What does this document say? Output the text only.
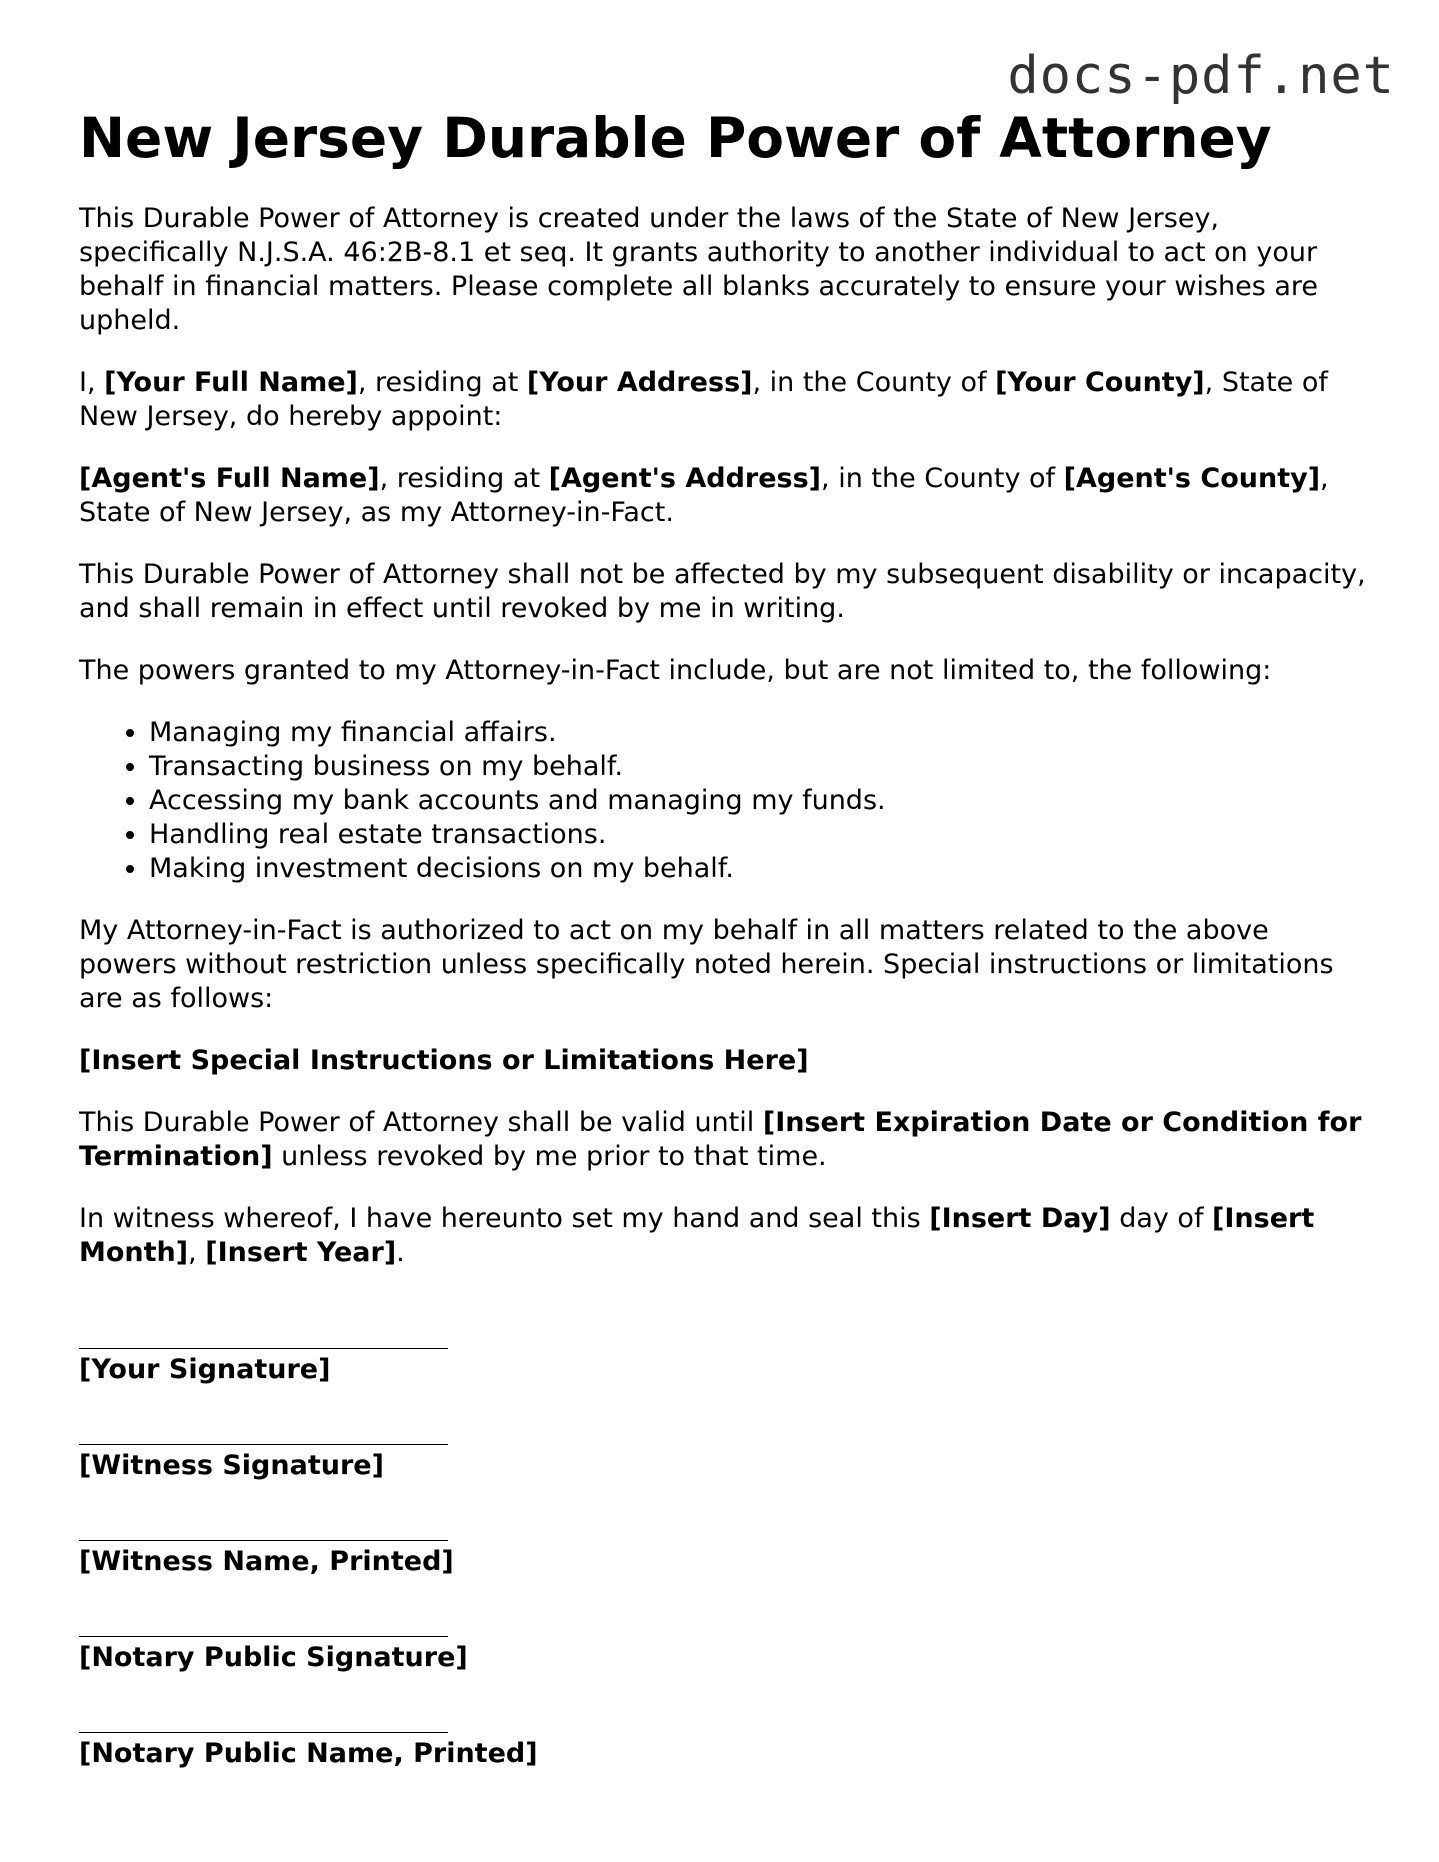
docs-pdf.net
New Jersey Durable Power of Attorney

This Durable Power of Attorney is created under the laws of the State of New Jersey, specifically N.J.S.A. 46:2B-8.1 et seq. It grants authority to another individual to act on your behalf in financial matters. Please complete all blanks accurately to ensure your wishes are upheld.

I, [Your Full Name], residing at [Your Address], in the County of [Your County], State of New Jersey, do hereby appoint:

[Agent's Full Name], residing at [Agent's Address], in the County of [Agent's County], State of New Jersey, as my Attorney-in-Fact.

This Durable Power of Attorney shall not be affected by my subsequent disability or incapacity, and shall remain in effect until revoked by me in writing.

The powers granted to my Attorney-in-Fact include, but are not limited to, the following:

• Managing my financial affairs.
• Transacting business on my behalf.
• Accessing my bank accounts and managing my funds.
• Handling real estate transactions.
• Making investment decisions on my behalf.

My Attorney-in-Fact is authorized to act on my behalf in all matters related to the above powers without restriction unless specifically noted herein. Special instructions or limitations are as follows:

[Insert Special Instructions or Limitations Here]

This Durable Power of Attorney shall be valid until [Insert Expiration Date or Condition for Termination] unless revoked by me prior to that time.

In witness whereof, I have hereunto set my hand and seal this [Insert Day] day of [Insert Month], [Insert Year].

[Your Signature]
[Witness Signature]
[Witness Name, Printed]
[Notary Public Signature]
[Notary Public Name, Printed]
